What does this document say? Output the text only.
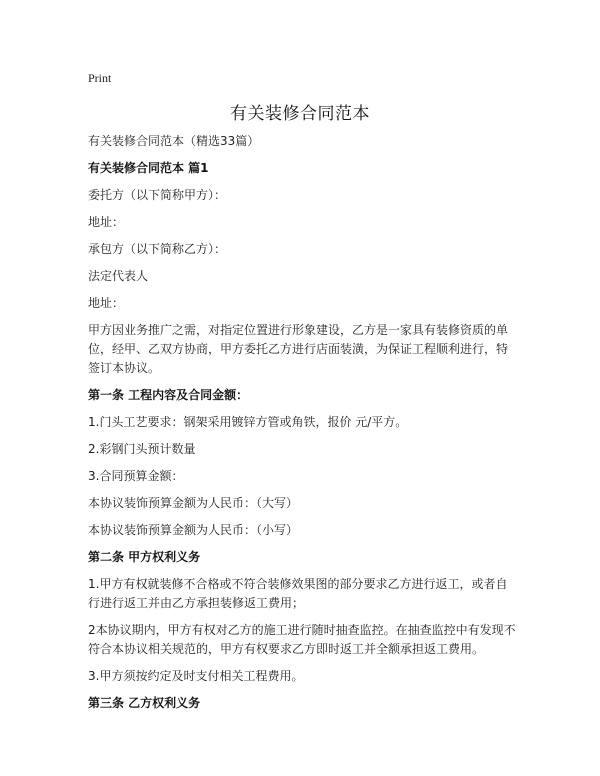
Print
有关装修合同范本

有关装修合同范本（精选33篇）

有关装修合同范本 篇1

委托方（以下简称甲方）：

地址：

承包方（以下简称乙方）：

法定代表人

地址：

甲方因业务推广之需，对指定位置进行形象建设，乙方是一家具有装修资质的单位，经甲、乙双方协商，甲方委托乙方进行店面装潢，为保证工程顺利进行，特签订本协议。

第一条 工程内容及合同金额：

1.门头工艺要求：钢架采用镀锌方管或角铁，报价 元/平方。

2.彩钢门头预计数量

3.合同预算金额：

本协议装饰预算金额为人民币：（大写）

本协议装饰预算金额为人民币：（小写）

第二条 甲方权利义务

1.甲方有权就装修不合格或不符合装修效果图的部分要求乙方进行返工，或者自行进行返工并由乙方承担装修返工费用；

2本协议期内，甲方有权对乙方的施工进行随时抽查监控。在抽查监控中有发现不符合本协议相关规范的，甲方有权要求乙方即时返工并全额承担返工费用。

3.甲方须按约定及时支付相关工程费用。

第三条 乙方权利义务
